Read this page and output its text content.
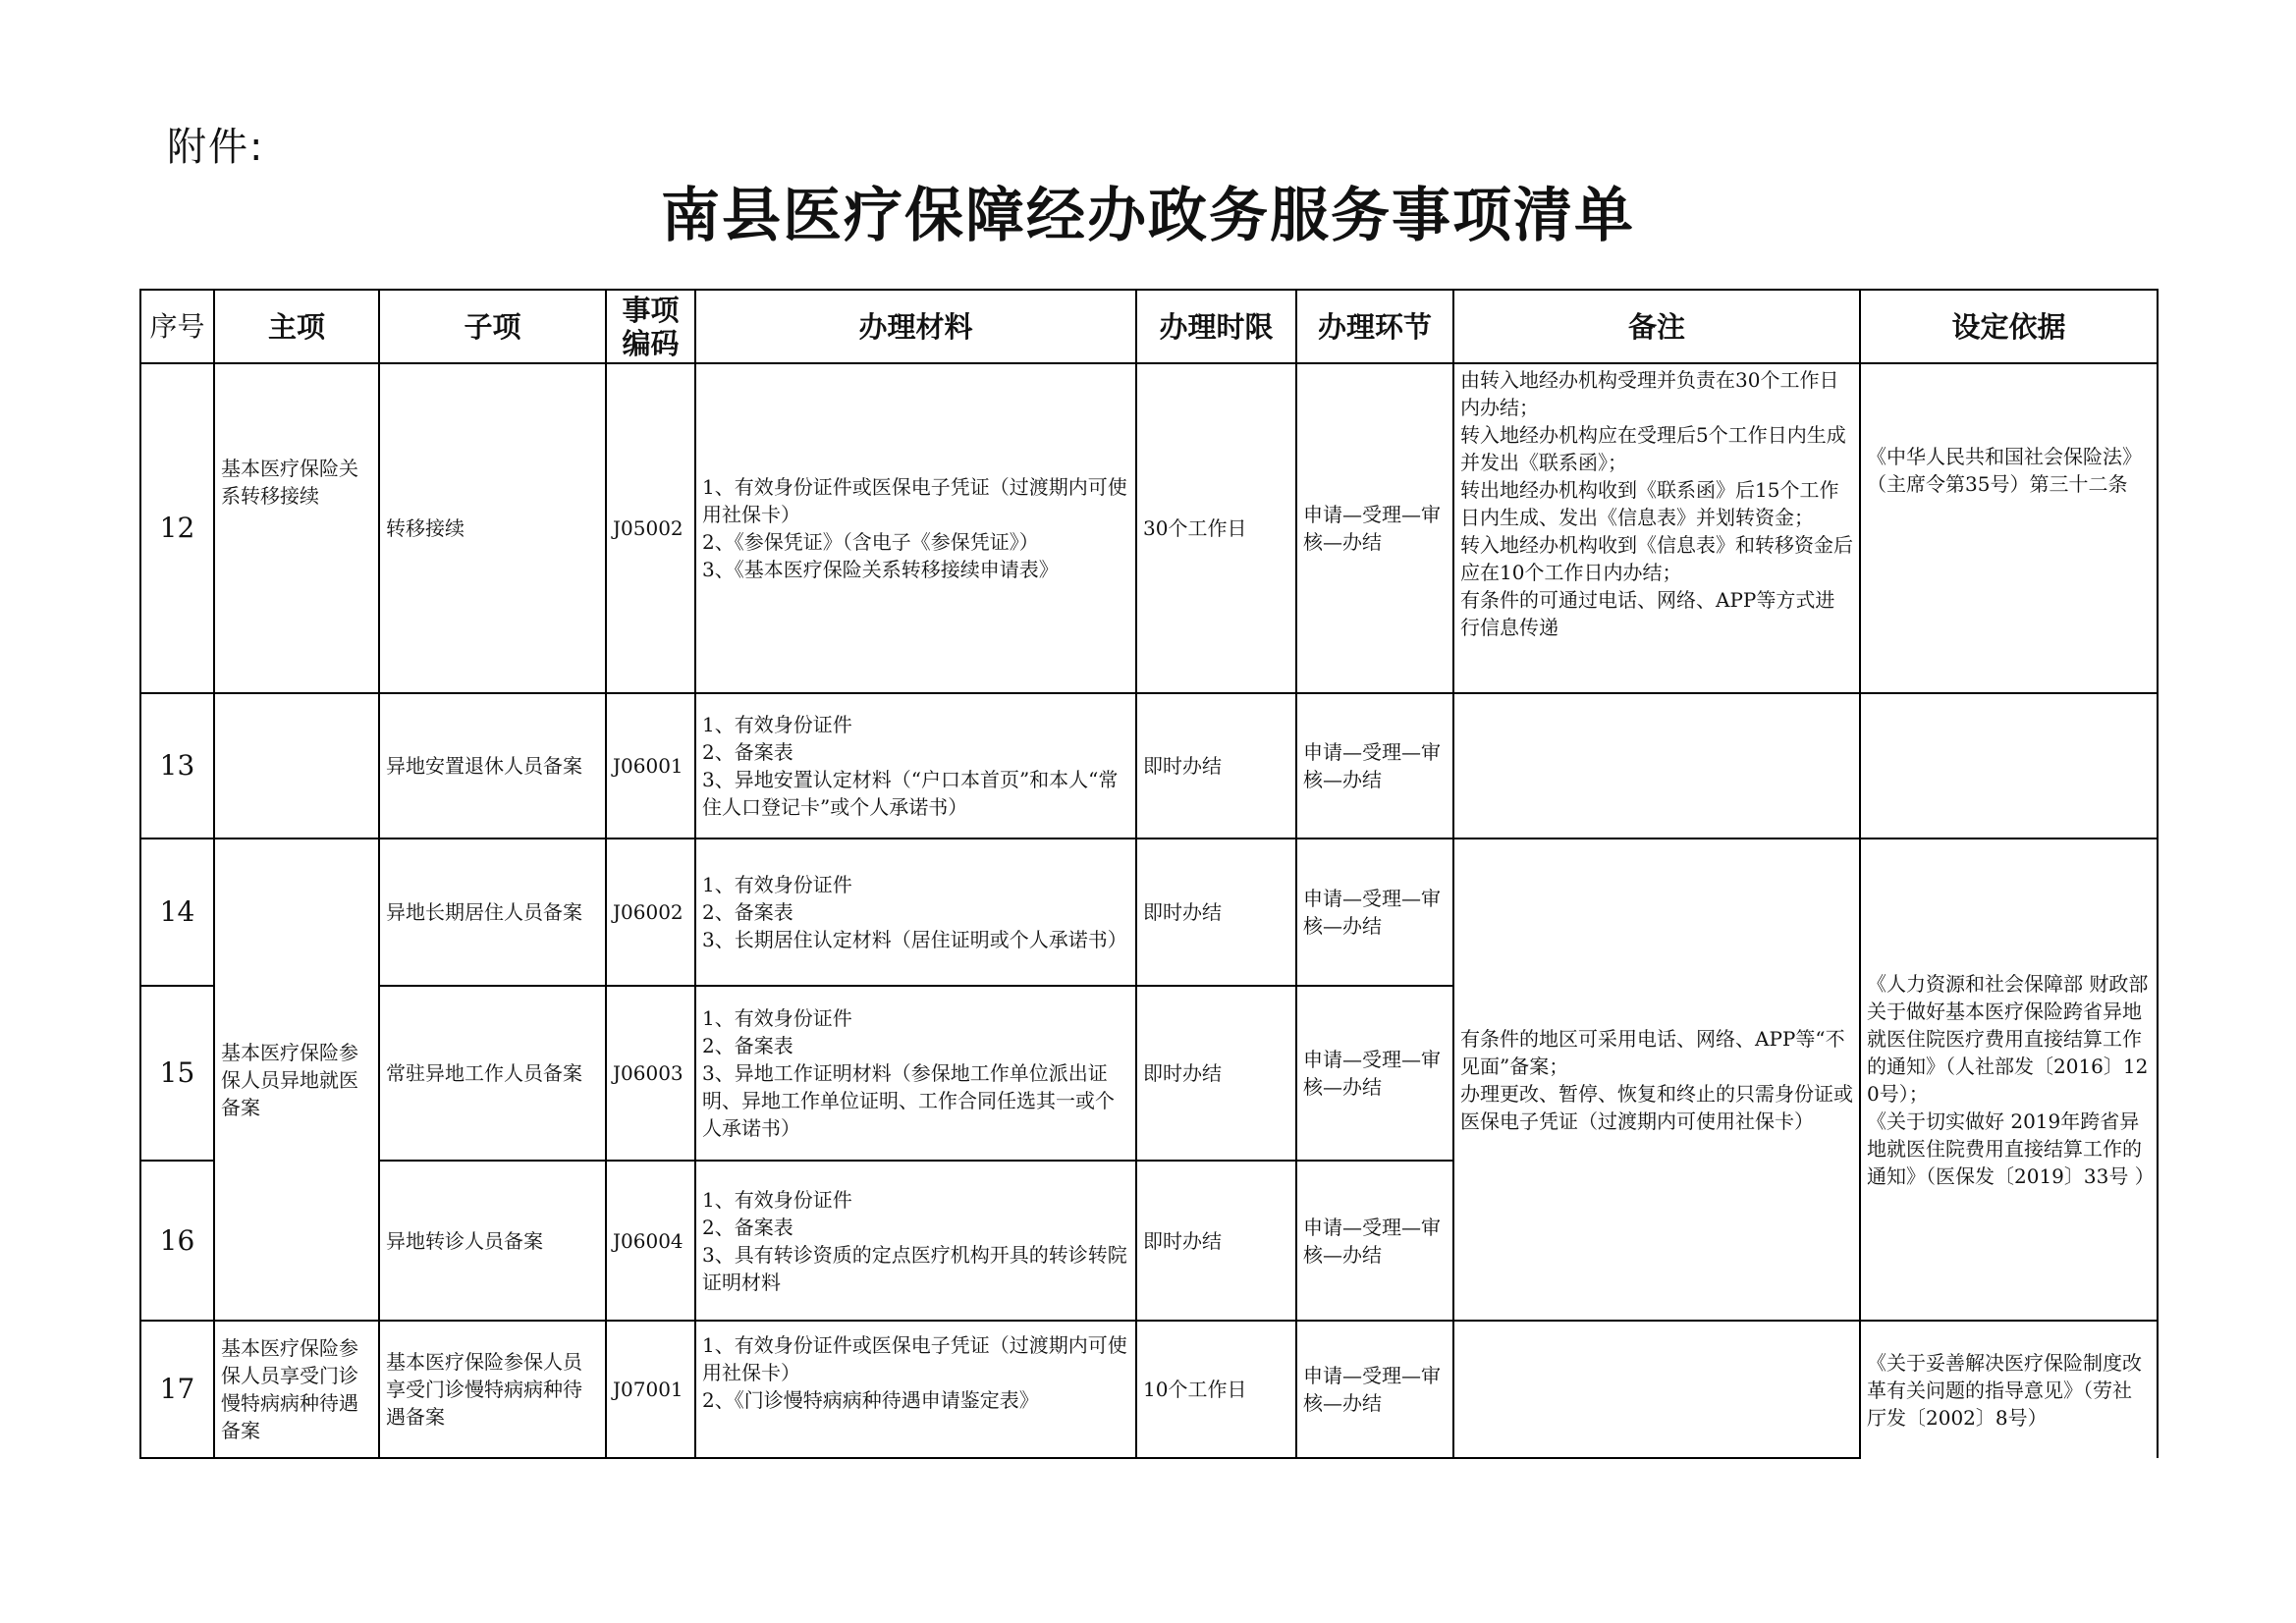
附件:
南县医疗保障经办政务服务事项清单
序号	主项	子项	事项编码	办理材料	办理时限	办理环节	备注	设定依据
12	基本医疗保险关系转移接续	转移接续	J05002	1、有效身份证件或医保电子凭证（过渡期内可使用社保卡）
2、《参保凭证》（含电子《参保凭证》）
3、《基本医疗保险关系转移接续申请表》	30个工作日	申请—受理—审核—办结	由转入地经办机构受理并负责在30个工作日内办结；
转入地经办机构应在受理后5个工作日内生成并发出《联系函》；
转出地经办机构收到《联系函》后15个工作日内生成、发出《信息表》并划转资金；
转入地经办机构收到《信息表》和转移资金后应在10个工作日内办结；
有条件的可通过电话、网络、APP等方式进行信息传递	《中华人民共和国社会保险法》（主席令第35号）第三十二条
13		异地安置退休人员备案	J06001	1、有效身份证件
2、备案表
3、异地安置认定材料（“户口本首页”和本人“常住人口登记卡”或个人承诺书）	即时办结	申请—受理—审核—办结		
14	基本医疗保险参保人员异地就医备案	异地长期居住人员备案	J06002	1、有效身份证件
2、备案表
3、长期居住认定材料（居住证明或个人承诺书）	即时办结	申请—受理—审核—办结	有条件的地区可采用电话、网络、APP等“不见面”备案；
办理更改、暂停、恢复和终止的只需身份证或医保电子凭证（过渡期内可使用社保卡）	《人力资源和社会保障部 财政部关于做好基本医疗保险跨省异地就医住院医疗费用直接结算工作的通知》（人社部发〔2016〕120号）；
《关于切实做好 2019年跨省异地就医住院费用直接结算工作的通知》（医保发〔2019〕33号 ）
15		常驻异地工作人员备案	J06003	1、有效身份证件
2、备案表
3、异地工作证明材料（参保地工作单位派出证明、异地工作单位证明、工作合同任选其一或个人承诺书）	即时办结	申请—受理—审核—办结		
16		异地转诊人员备案	J06004	1、有效身份证件
2、备案表
3、具有转诊资质的定点医疗机构开具的转诊转院证明材料	即时办结	申请—受理—审核—办结		
17	基本医疗保险参保人员享受门诊慢特病病种待遇备案	基本医疗保险参保人员享受门诊慢特病病种待遇备案	J07001	1、有效身份证件或医保电子凭证（过渡期内可使用社保卡）
2、《门诊慢特病病种待遇申请鉴定表》	10个工作日	申请—受理—审核—办结		《关于妥善解决医疗保险制度改革有关问题的指导意见》（劳社厅发〔2002〕8号）
